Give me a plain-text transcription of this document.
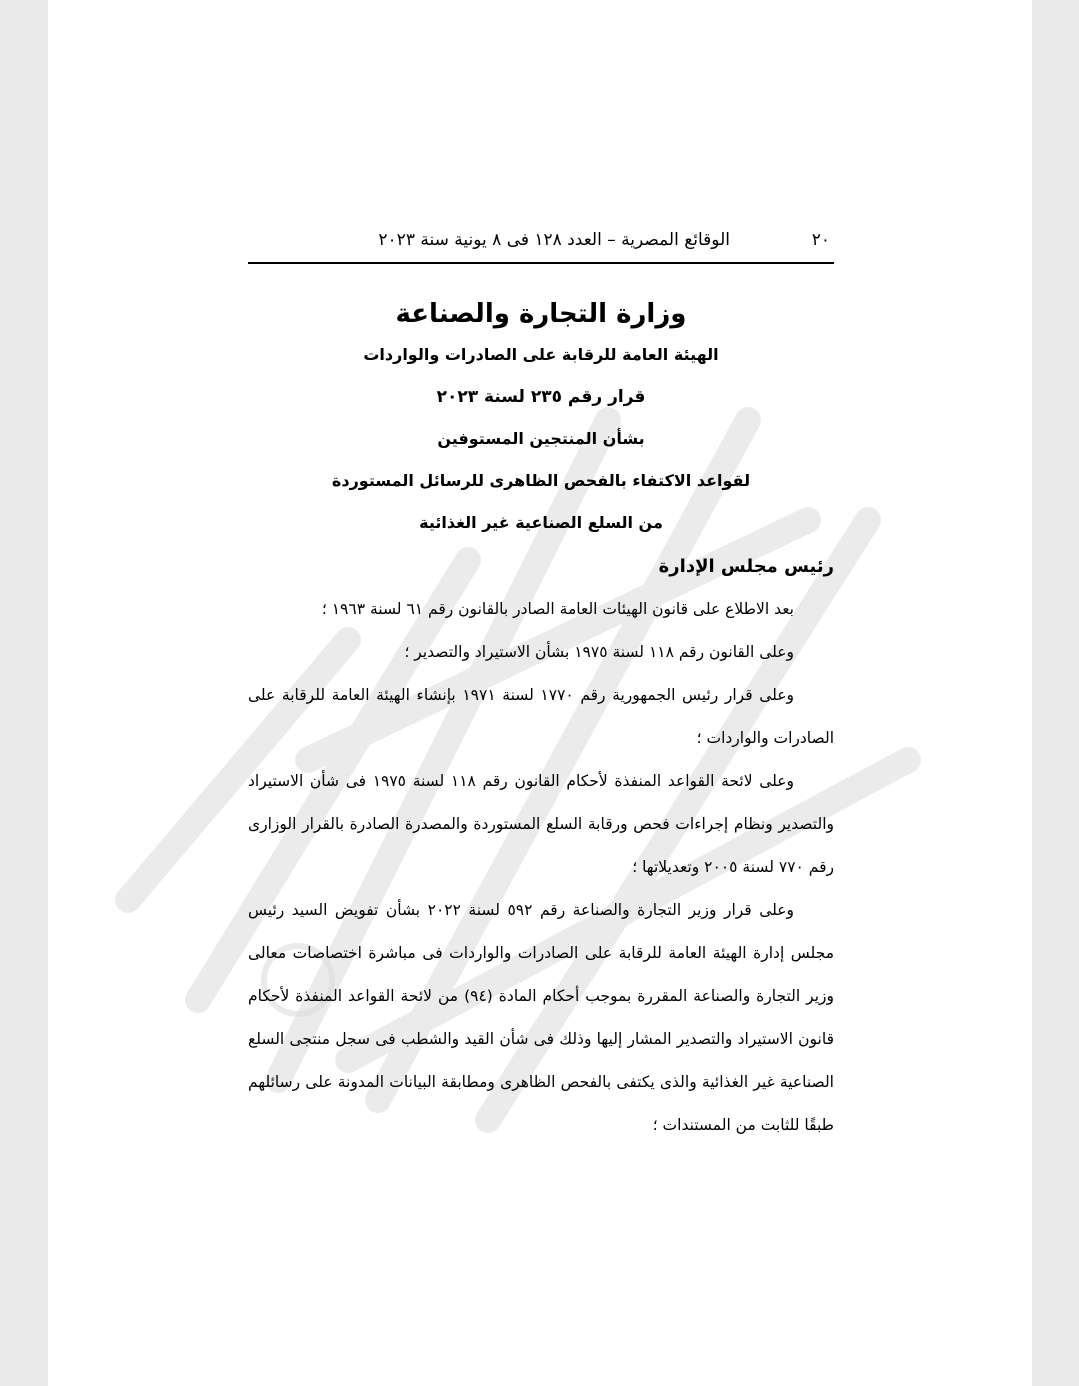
٢٠
الوقائع المصرية – العدد ١٢٨ فى ٨ يونية سنة ٢٠٢٣
وزارة التجارة والصناعة
الهيئة العامة للرقابة على الصادرات والواردات
قرار رقم ٢٣٥ لسنة ٢٠٢٣
بشأن المنتجين المستوفين
لقواعد الاكتفاء بالفحص الظاهرى للرسائل المستوردة
من السلع الصناعية غير الغذائية
رئيس مجلس الإدارة

بعد الاطلاع على قانون الهيئات العامة الصادر بالقانون رقم ٦١ لسنة ١٩٦٣ ؛

وعلى القانون رقم ١١٨ لسنة ١٩٧٥ بشأن الاستيراد والتصدير ؛

وعلى قرار رئيس الجمهورية رقم ١٧٧٠ لسنة ١٩٧١ بإنشاء الهيئة العامة للرقابة على الصادرات والواردات ؛

وعلى لائحة القواعد المنفذة لأحكام القانون رقم ١١٨ لسنة ١٩٧٥ فى شأن الاستيراد والتصدير ونظام إجراءات فحص ورقابة السلع المستوردة والمصدرة الصادرة بالقرار الوزارى رقم ٧٧٠ لسنة ٢٠٠٥ وتعديلاتها ؛

وعلى قرار وزير التجارة والصناعة رقم ٥٩٢ لسنة ٢٠٢٢ بشأن تفويض السيد رئيس مجلس إدارة الهيئة العامة للرقابة على الصادرات والواردات فى مباشرة اختصاصات معالى وزير التجارة والصناعة المقررة بموجب أحكام المادة (٩٤) من لائحة القواعد المنفذة لأحكام قانون الاستيراد والتصدير المشار إليها وذلك فى شأن القيد والشطب فى سجل منتجى السلع الصناعية غير الغذائية والذى يكتفى بالفحص الظاهرى ومطابقة البيانات المدونة على رسائلهم طبقًا للثابت من المستندات ؛
